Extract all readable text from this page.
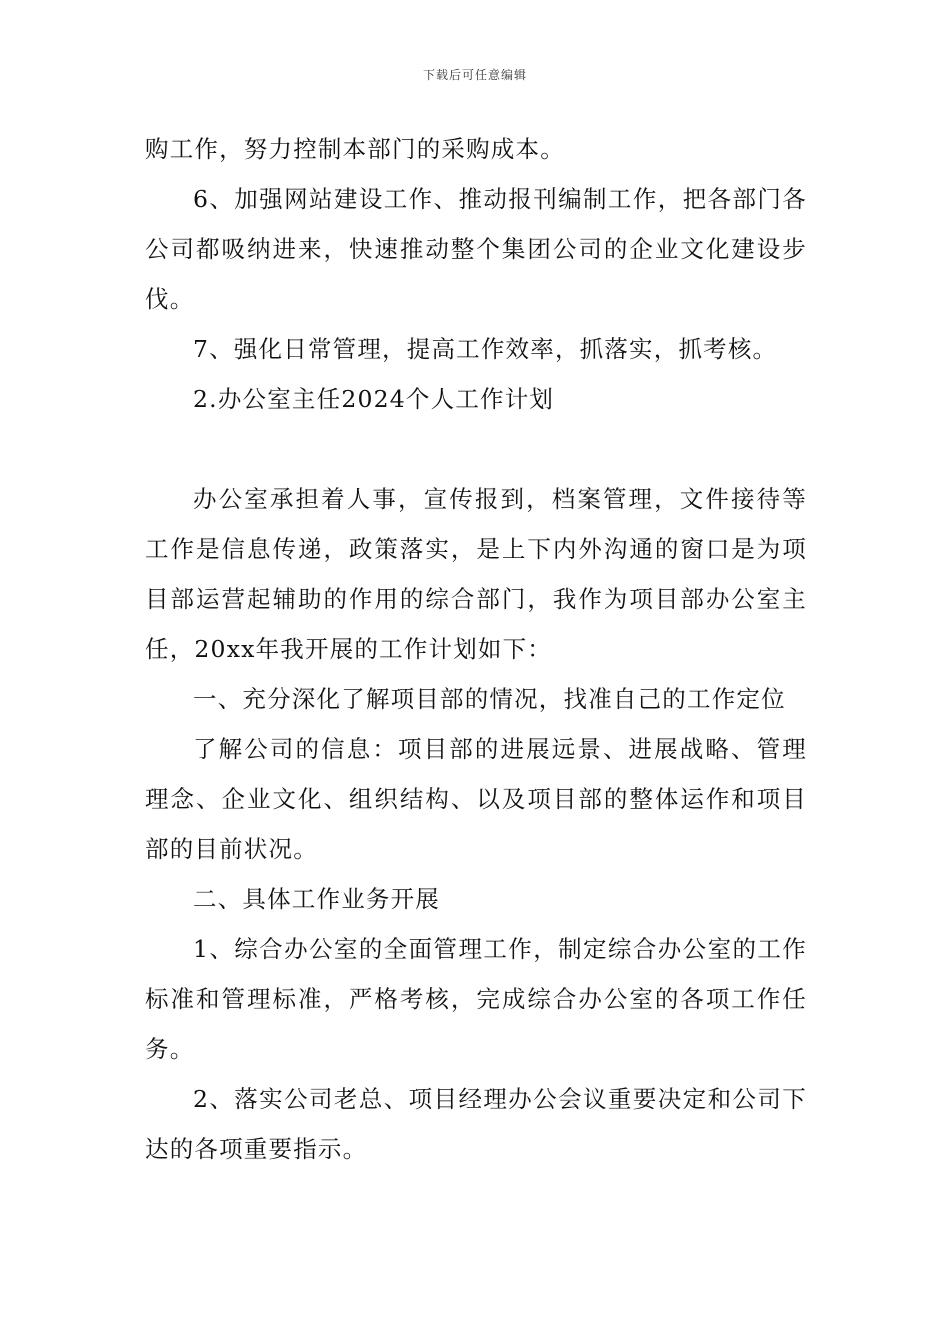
下载后可任意编辑

购工作，努力控制本部门的采购成本。

6、加强网站建设工作、推动报刊编制工作，把各部门各公司都吸纳进来，快速推动整个集团公司的企业文化建设步伐。

7、强化日常管理，提高工作效率，抓落实，抓考核。

2.办公室主任2024个人工作计划

办公室承担着人事，宣传报到，档案管理，文件接待等工作是信息传递，政策落实，是上下内外沟通的窗口是为项目部运营起辅助的作用的综合部门，我作为项目部办公室主任，20xx年我开展的工作计划如下：

一、充分深化了解项目部的情况，找准自己的工作定位

了解公司的信息：项目部的进展远景、进展战略、管理理念、企业文化、组织结构、以及项目部的整体运作和项目部的目前状况。

二、具体工作业务开展

1、综合办公室的全面管理工作，制定综合办公室的工作标准和管理标准，严格考核，完成综合办公室的各项工作任务。

2、落实公司老总、项目经理办公会议重要决定和公司下达的各项重要指示。
